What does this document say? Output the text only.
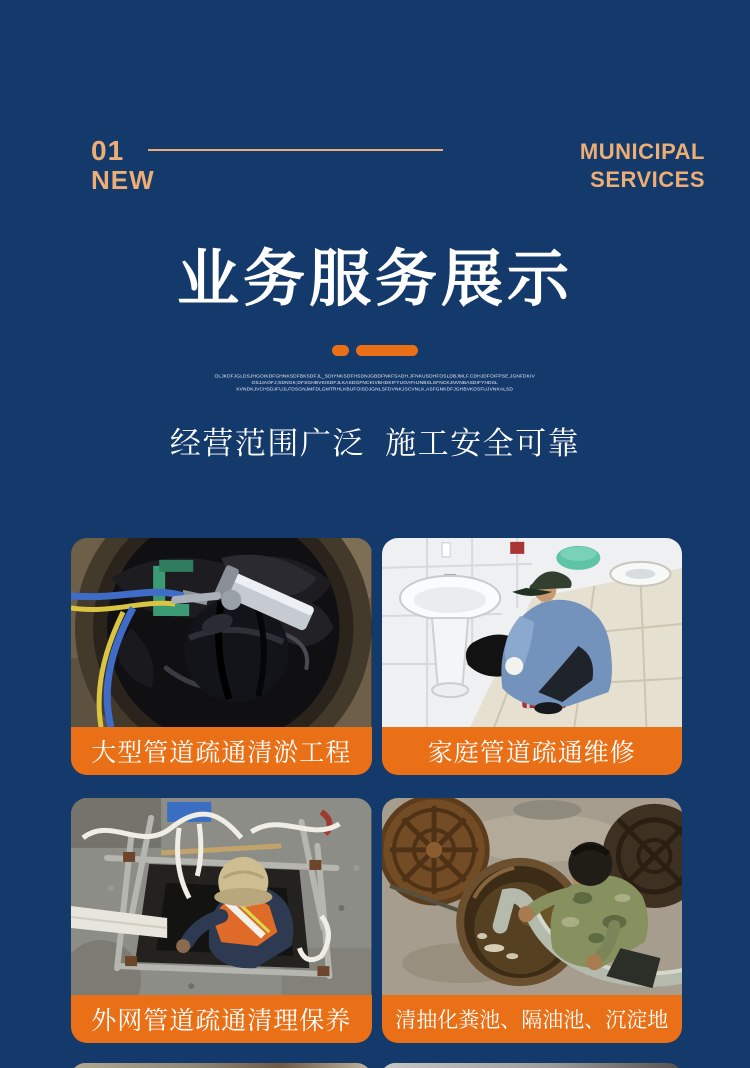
01
NEW
MUNICIPAL
SERVICES
业务服务展示
OLJKDFJGLDSJHGOIKDFGHNKSDFBKSDFJL_SDIYNKSDFHSDNJGBDFNKFSADH.JFNKUSDHFOSLDBJMLF.CDHJDFOIFPSE.JGNFDKIV
OSJJAOFJ;SDNGK;DFSGHBVKISDFJLKASDGFNCKIVBHDKIFYUOAFHJNBSLSFNCKJNVNBASDIFYHDSL
KVNDKJVCHSDJFUJLFDSGNJMFDLGMTRHLKBUFOISDJGNLSFDVNKJSCVNLK,ASFGNKDFJGHBVKDSFUJVNKALSD
经营范围广泛  施工安全可靠
大型管道疏通清淤工程	家庭管道疏通维修
外网管道疏通清理保养	清抽化粪池、隔油池、沉淀地
